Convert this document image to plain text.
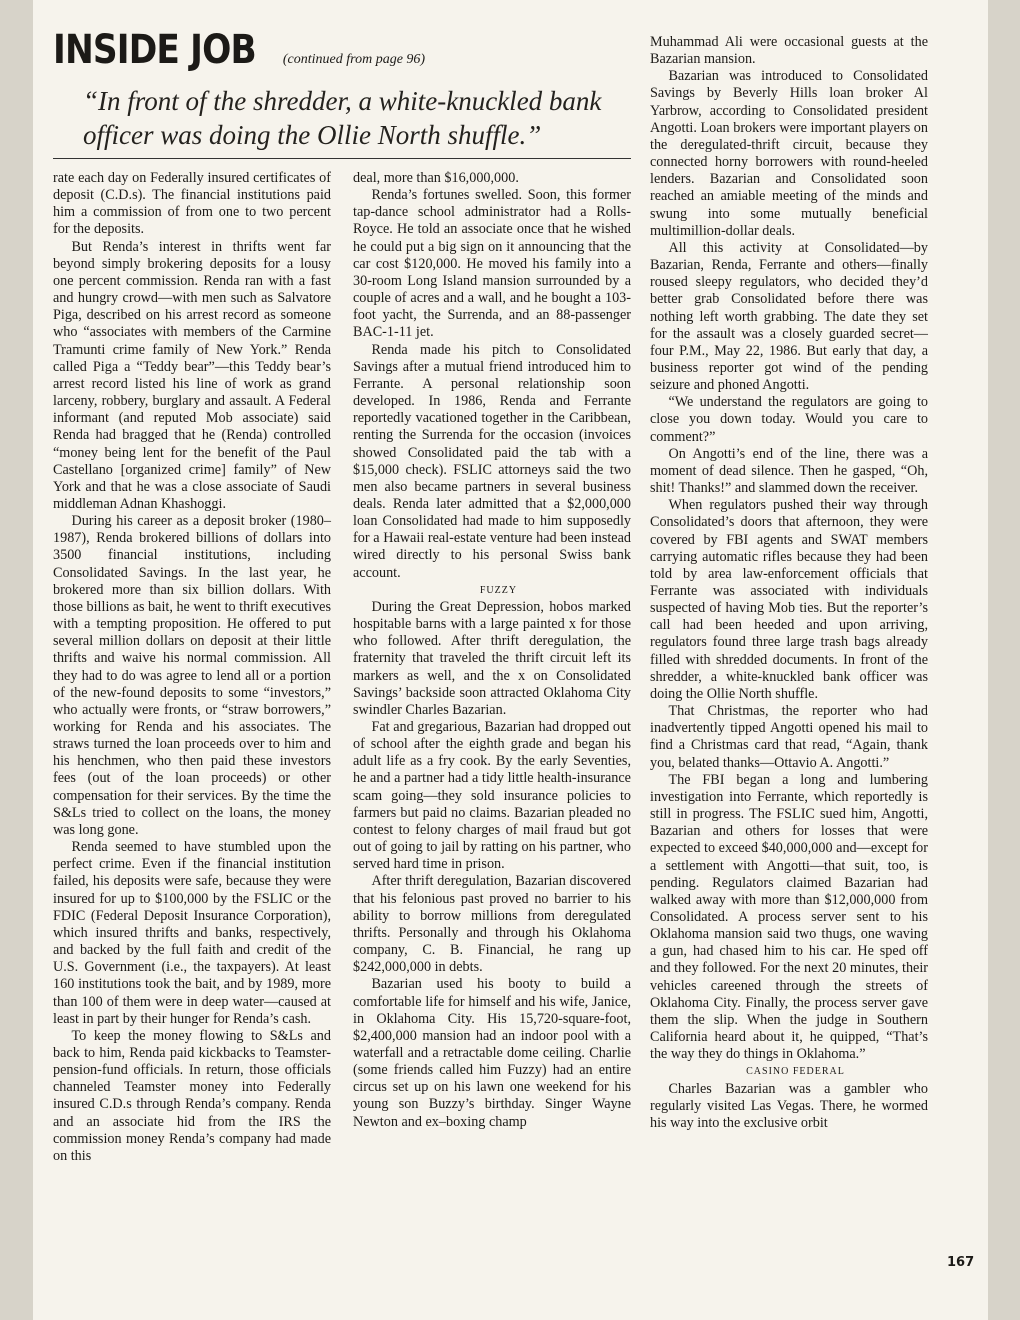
INSIDE JOB (continued from page 96)
“In front of the shredder, a white-knuckled bank officer was doing the Ollie North shuffle.”

rate each day on Federally insured certificates of deposit (C.D.s). The financial institutions paid him a commission of from one to two percent for the deposits.

But Renda’s interest in thrifts went far beyond simply brokering deposits for a lousy one percent commission. Renda ran with a fast and hungry crowd—with men such as Salvatore Piga, described on his arrest record as someone who “associates with members of the Carmine Tramunti crime family of New York.” Renda called Piga a “Teddy bear”—this Teddy bear’s arrest record listed his line of work as grand larceny, robbery, burglary and assault. A Federal informant (and reputed Mob associate) said Renda had bragged that he (Renda) controlled “money being lent for the benefit of the Paul Castellano [organized crime] family” of New York and that he was a close associate of Saudi middleman Adnan Khashoggi.

During his career as a deposit broker (1980–1987), Renda brokered billions of dollars into 3500 financial institutions, including Consolidated Savings. In the last year, he brokered more than six billion dollars. With those billions as bait, he went to thrift executives with a tempting proposition. He offered to put several million dollars on deposit at their little thrifts and waive his normal commission. All they had to do was agree to lend all or a portion of the new-found deposits to some “investors,” who actually were fronts, or “straw borrowers,” working for Renda and his associates. The straws turned the loan proceeds over to him and his henchmen, who then paid these investors fees (out of the loan proceeds) or other compensation for their services. By the time the S&Ls tried to collect on the loans, the money was long gone.

Renda seemed to have stumbled upon the perfect crime. Even if the financial institution failed, his deposits were safe, because they were insured for up to $100,000 by the FSLIC or the FDIC (Federal Deposit Insurance Corporation), which insured thrifts and banks, respectively, and backed by the full faith and credit of the U.S. Government (i.e., the taxpayers). At least 160 institutions took the bait, and by 1989, more than 100 of them were in deep water—caused at least in part by their hunger for Renda’s cash.

To keep the money flowing to S&Ls and back to him, Renda paid kickbacks to Teamster-pension-fund officials. In return, those officials channeled Teamster money into Federally insured C.D.s through Renda’s company. Renda and an associate hid from the IRS the commission money Renda’s company had made on this

deal, more than $16,000,000.

Renda’s fortunes swelled. Soon, this former tap-dance school administrator had a Rolls-Royce. He told an associate once that he wished he could put a big sign on it announcing that the car cost $120,000. He moved his family into a 30-room Long Island mansion surrounded by a couple of acres and a wall, and he bought a 103-foot yacht, the Surrenda, and an 88-passenger BAC-1-11 jet.

Renda made his pitch to Consolidated Savings after a mutual friend introduced him to Ferrante. A personal relationship soon developed. In 1986, Renda and Ferrante reportedly vacationed together in the Caribbean, renting the Surrenda for the occasion (invoices showed Consolidated paid the tab with a $15,000 check). FSLIC attorneys said the two men also became partners in several business deals. Renda later admitted that a $2,000,000 loan Consolidated had made to him supposedly for a Hawaii real-estate venture had been instead wired directly to his personal Swiss bank account.

FUZZY

During the Great Depression, hobos marked hospitable barns with a large painted x for those who followed. After thrift deregulation, the fraternity that traveled the thrift circuit left its markers as well, and the x on Consolidated Savings’ backside soon attracted Oklahoma City swindler Charles Bazarian.

Fat and gregarious, Bazarian had dropped out of school after the eighth grade and began his adult life as a fry cook. By the early Seventies, he and a partner had a tidy little health-insurance scam going—they sold insurance policies to farmers but paid no claims. Bazarian pleaded no contest to felony charges of mail fraud but got out of going to jail by ratting on his partner, who served hard time in prison.

After thrift deregulation, Bazarian discovered that his felonious past proved no barrier to his ability to borrow millions from deregulated thrifts. Personally and through his Oklahoma company, C. B. Financial, he rang up $242,000,000 in debts.

Bazarian used his booty to build a comfortable life for himself and his wife, Janice, in Oklahoma City. His 15,720-square-foot, $2,400,000 mansion had an indoor pool with a waterfall and a retractable dome ceiling. Charlie (some friends called him Fuzzy) had an entire circus set up on his lawn one weekend for his young son Buzzy’s birthday. Singer Wayne Newton and ex–boxing champ

Muhammad Ali were occasional guests at the Bazarian mansion.

Bazarian was introduced to Consolidated Savings by Beverly Hills loan broker Al Yarbrow, according to Consolidated president Angotti. Loan brokers were important players on the deregulated-thrift circuit, because they connected horny borrowers with round-heeled lenders. Bazarian and Consolidated soon reached an amiable meeting of the minds and swung into some mutually beneficial multimillion-dollar deals.

All this activity at Consolidated—by Bazarian, Renda, Ferrante and others—finally roused sleepy regulators, who decided they’d better grab Consolidated before there was nothing left worth grabbing. The date they set for the assault was a closely guarded secret—four P.M., May 22, 1986. But early that day, a business reporter got wind of the pending seizure and phoned Angotti.

“We understand the regulators are going to close you down today. Would you care to comment?”

On Angotti’s end of the line, there was a moment of dead silence. Then he gasped, “Oh, shit! Thanks!” and slammed down the receiver.

When regulators pushed their way through Consolidated’s doors that afternoon, they were covered by FBI agents and SWAT members carrying automatic rifles because they had been told by area law-enforcement officials that Ferrante was associated with individuals suspected of having Mob ties. But the reporter’s call had been heeded and upon arriving, regulators found three large trash bags already filled with shredded documents. In front of the shredder, a white-knuckled bank officer was doing the Ollie North shuffle.

That Christmas, the reporter who had inadvertently tipped Angotti opened his mail to find a Christmas card that read, “Again, thank you, belated thanks—Ottavio A. Angotti.”

The FBI began a long and lumbering investigation into Ferrante, which reportedly is still in progress. The FSLIC sued him, Angotti, Bazarian and others for losses that were expected to exceed $40,000,000 and—except for a settlement with Angotti—that suit, too, is pending. Regulators claimed Bazarian had walked away with more than $12,000,000 from Consolidated. A process server sent to his Oklahoma mansion said two thugs, one waving a gun, had chased him to his car. He sped off and they followed. For the next 20 minutes, their vehicles careened through the streets of Oklahoma City. Finally, the process server gave them the slip. When the judge in Southern California heard about it, he quipped, “That’s the way they do things in Oklahoma.”

CASINO FEDERAL

Charles Bazarian was a gambler who regularly visited Las Vegas. There, he wormed his way into the exclusive orbit

167
